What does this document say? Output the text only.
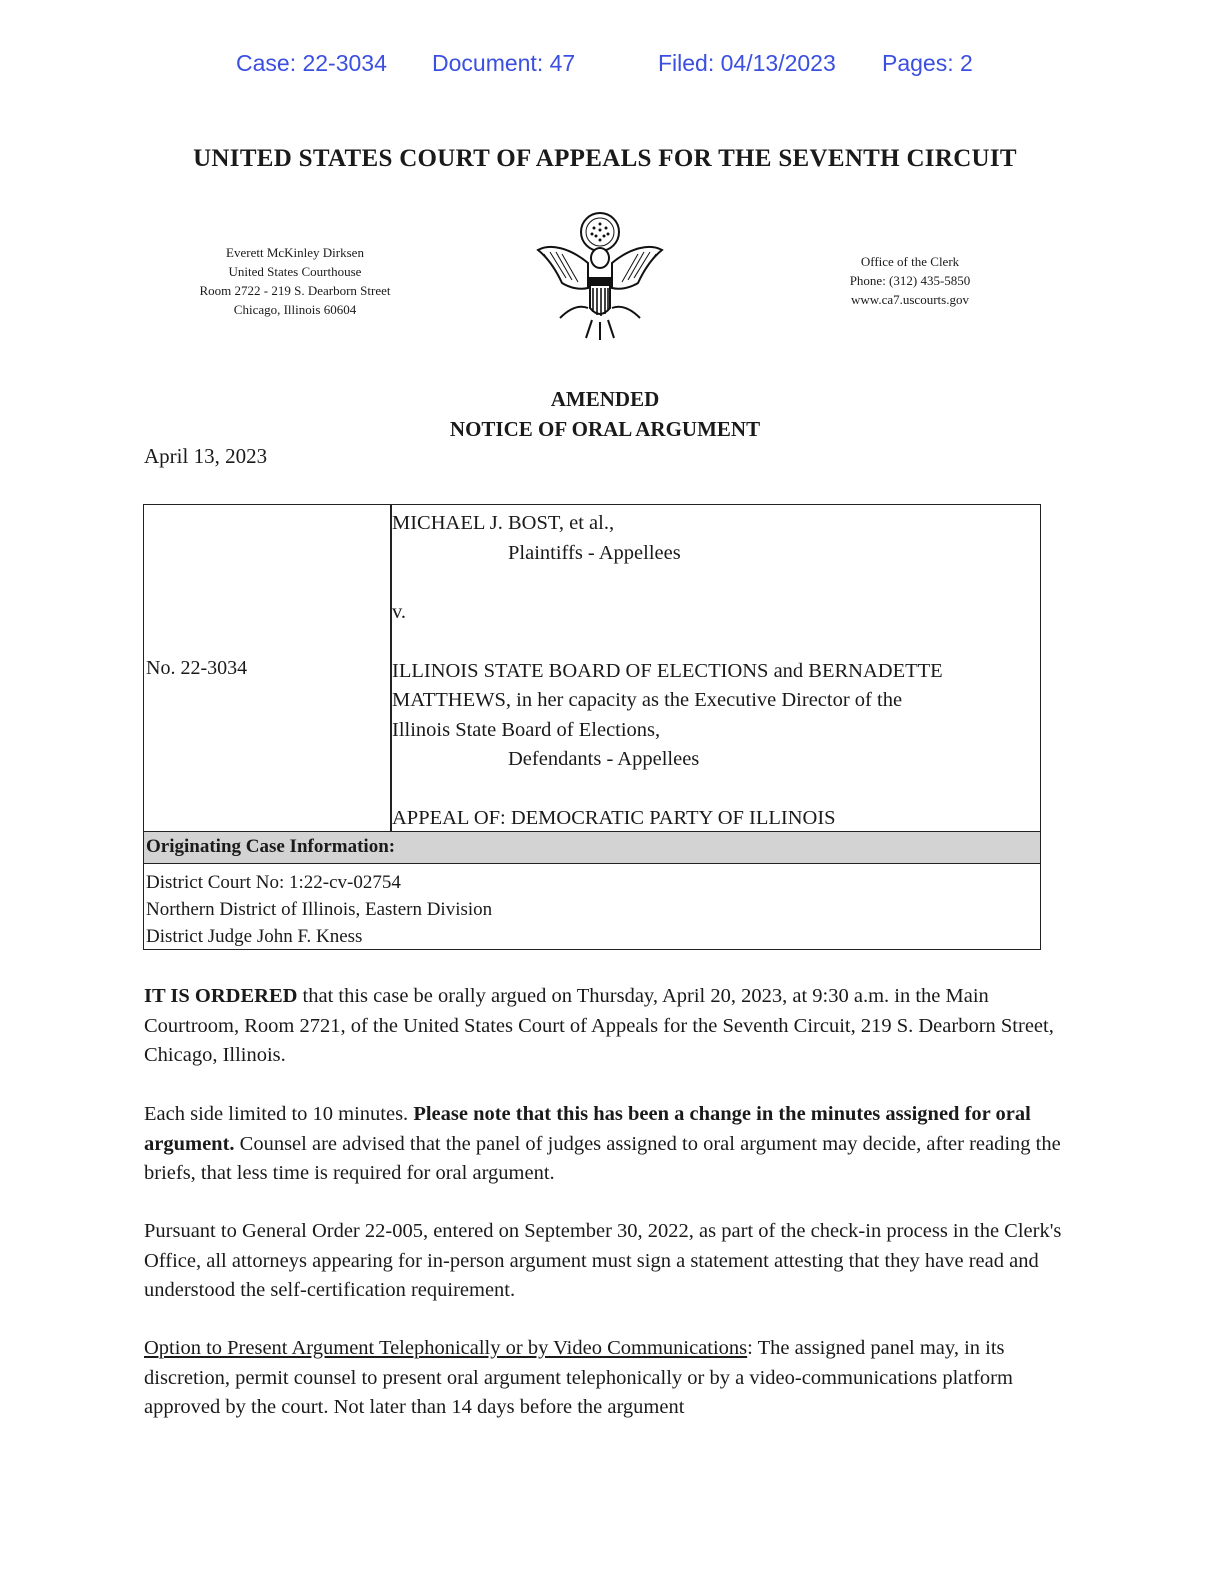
Case: 22-3034 Document: 47	Filed: 04/13/2023 Pages: 2
UNITED STATES COURT OF APPEALS FOR THE SEVENTH CIRCUIT
Everett McKinley Dirksen
United States Courthouse
Room 2722 - 219 S. Dearborn Street
Chicago, Illinois 60604
Office of the Clerk
Phone: (312) 435-5850
www.ca7.uscourts.gov
AMENDED
NOTICE OF ORAL ARGUMENT
April 13, 2023
No. 22-3034
MICHAEL J. BOST, et al.,
Plaintiffs - Appellees
v.
ILLINOIS STATE BOARD OF ELECTIONS and BERNADETTE
MATTHEWS, in her capacity as the Executive Director of the
Illinois State Board of Elections,
Defendants - Appellees
APPEAL OF: DEMOCRATIC PARTY OF ILLINOIS
Originating Case Information:
District Court No: 1:22-cv-02754
Northern District of Illinois, Eastern Division
District Judge John F. Kness
IT IS ORDERED that this case be orally argued on Thursday, April 20, 2023, at 9:30 a.m. in the Main Courtroom, Room 2721, of the United States Court of Appeals for the Seventh Circuit, 219 S. Dearborn Street, Chicago, Illinois.
Each side limited to 10 minutes. Please note that this has been a change in the minutes assigned for oral argument. Counsel are advised that the panel of judges assigned to oral argument may decide, after reading the briefs, that less time is required for oral argument.
Pursuant to General Order 22-005, entered on September 30, 2022, as part of the check-in process in the Clerk's Office, all attorneys appearing for in-person argument must sign a statement attesting that they have read and understood the self-certification requirement.
Option to Present Argument Telephonically or by Video Communications: The assigned panel may, in its discretion, permit counsel to present oral argument telephonically or by a video-communications platform approved by the court. Not later than 14 days before the argument
